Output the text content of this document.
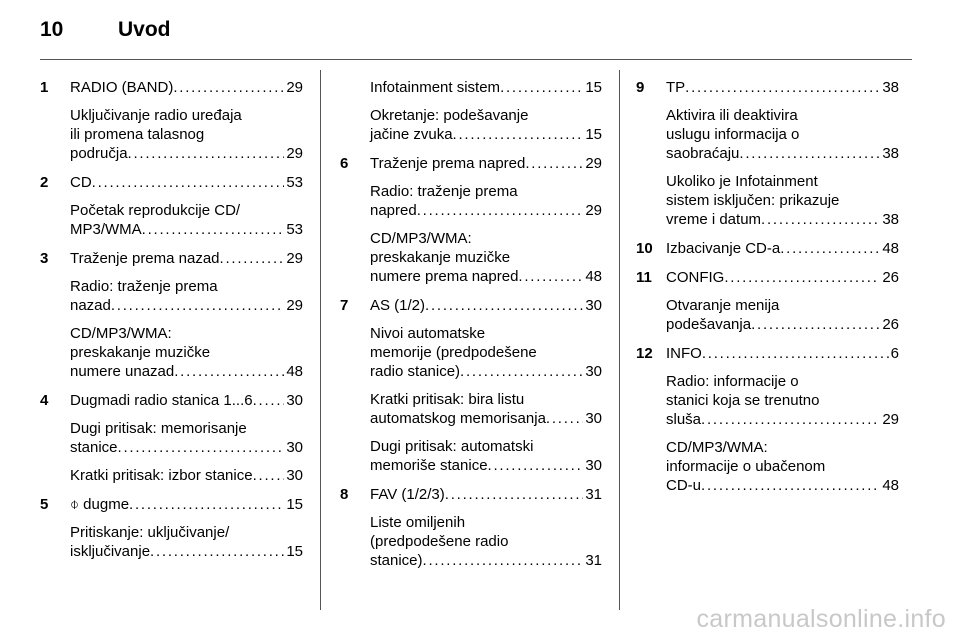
10	Uvod
1 RADIO (BAND) . . .	29
Uključivanje radio uređaja
ili promena talasnog
područja . . .	29
2 CD . . .	53
Početak reprodukcije CD/
MP3/WMA . . .	53
3 Traženje prema nazad . . .	29
Radio: traženje prema
nazad . . .	29
CD/MP3/WMA:
preskakanje muzičke
numere unazad . . .	48
4 Dugmadi radio stanica 1...6 . . . 30
Dugi pritisak: memorisanje
stanice . . .	30
Kratki pritisak: izbor stanice . . . 30
5 ⌽ dugme . . .	15
Pritiskanje: uključivanje/
isključivanje . . .	15
Infotainment sistem . . .	15
Okretanje: podešavanje
jačine zvuka . . .	15
6 Traženje prema napred . . .	29
Radio: traženje prema
napred . . .	29
CD/MP3/WMA:
preskakanje muzičke
numere prema napred . . .	48
7 AS (1/2) . . .	30
Nivoi automatske
memorije (predpodešene
radio stanice) . . .	30
Kratki pritisak: bira listu
automatskog memorisanja . . .	30
Dugi pritisak: automatski
memoriše stanice . . .	30
8 FAV (1/2/3) . . .	31
Liste omiljenih
(predpodešene radio
stanice) . . .	31
9 TP . . .	38
Aktivira ili deaktivira
uslugu informacija o
saobraćaju . . .	38
Ukoliko je Infotainment
sistem isključen: prikazuje
vreme i datum . . .	38
10 Izbacivanje CD-a . . .	48
11 CONFIG . . .	26
Otvaranje menija
podešavanja . . .	26
12 INFO . . .	6
Radio: informacije o
stanici koja se trenutno
sluša . . .	29
CD/MP3/WMA:
informacije o ubačenom
CD-u . . .	48
carmanualsonline.info
